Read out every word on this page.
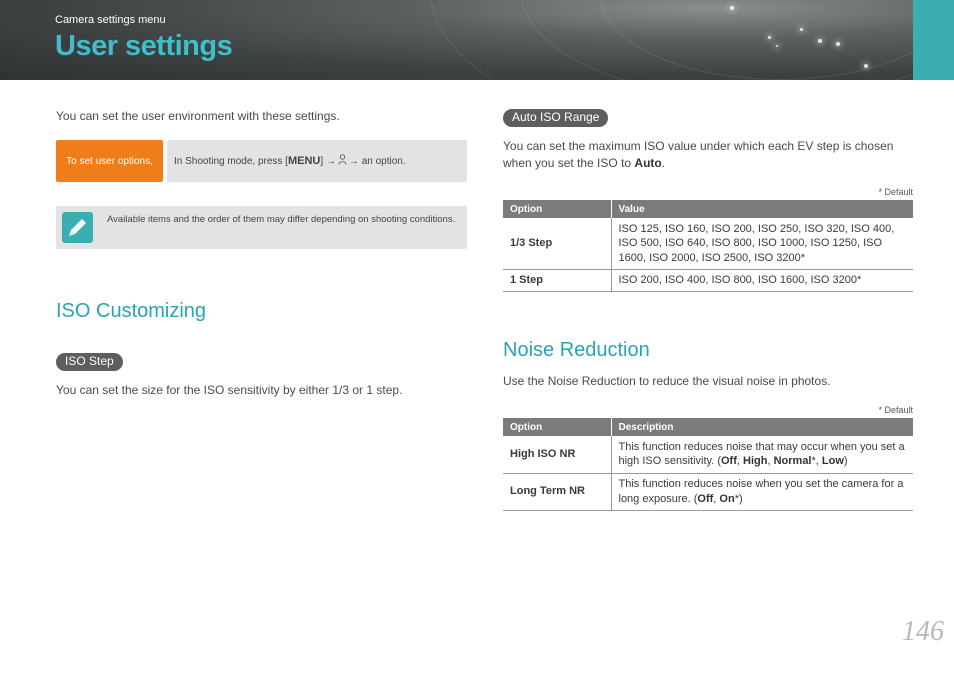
Camera settings menu
User settings
You can set the user environment with these settings.
To set user options,	In Shooting mode, press [ MENU ] → → an option.
Available items and the order of them may differ depending on shooting conditions.
ISO Customizing
ISO Step
You can set the size for the ISO sensitivity by either 1/3 or 1 step.
Auto ISO Range
You can set the maximum ISO value under which each EV step is chosen when you set the ISO to Auto.
* Default
Option	Value
1/3 Step	ISO 125, ISO 160, ISO 200, ISO 250, ISO 320, ISO 400, ISO 500, ISO 640, ISO 800, ISO 1000, ISO 1250, ISO 1600, ISO 2000, ISO 2500, ISO 3200*
1 Step	ISO 200, ISO 400, ISO 800, ISO 1600, ISO 3200*
Noise Reduction
Use the Noise Reduction to reduce the visual noise in photos.
* Default
Option	Description
High ISO NR	This function reduces noise that may occur when you set a high ISO sensitivity. (Off, High, Normal*, Low)
Long Term NR	This function reduces noise when you set the camera for a long exposure. (Off, On*)
146
